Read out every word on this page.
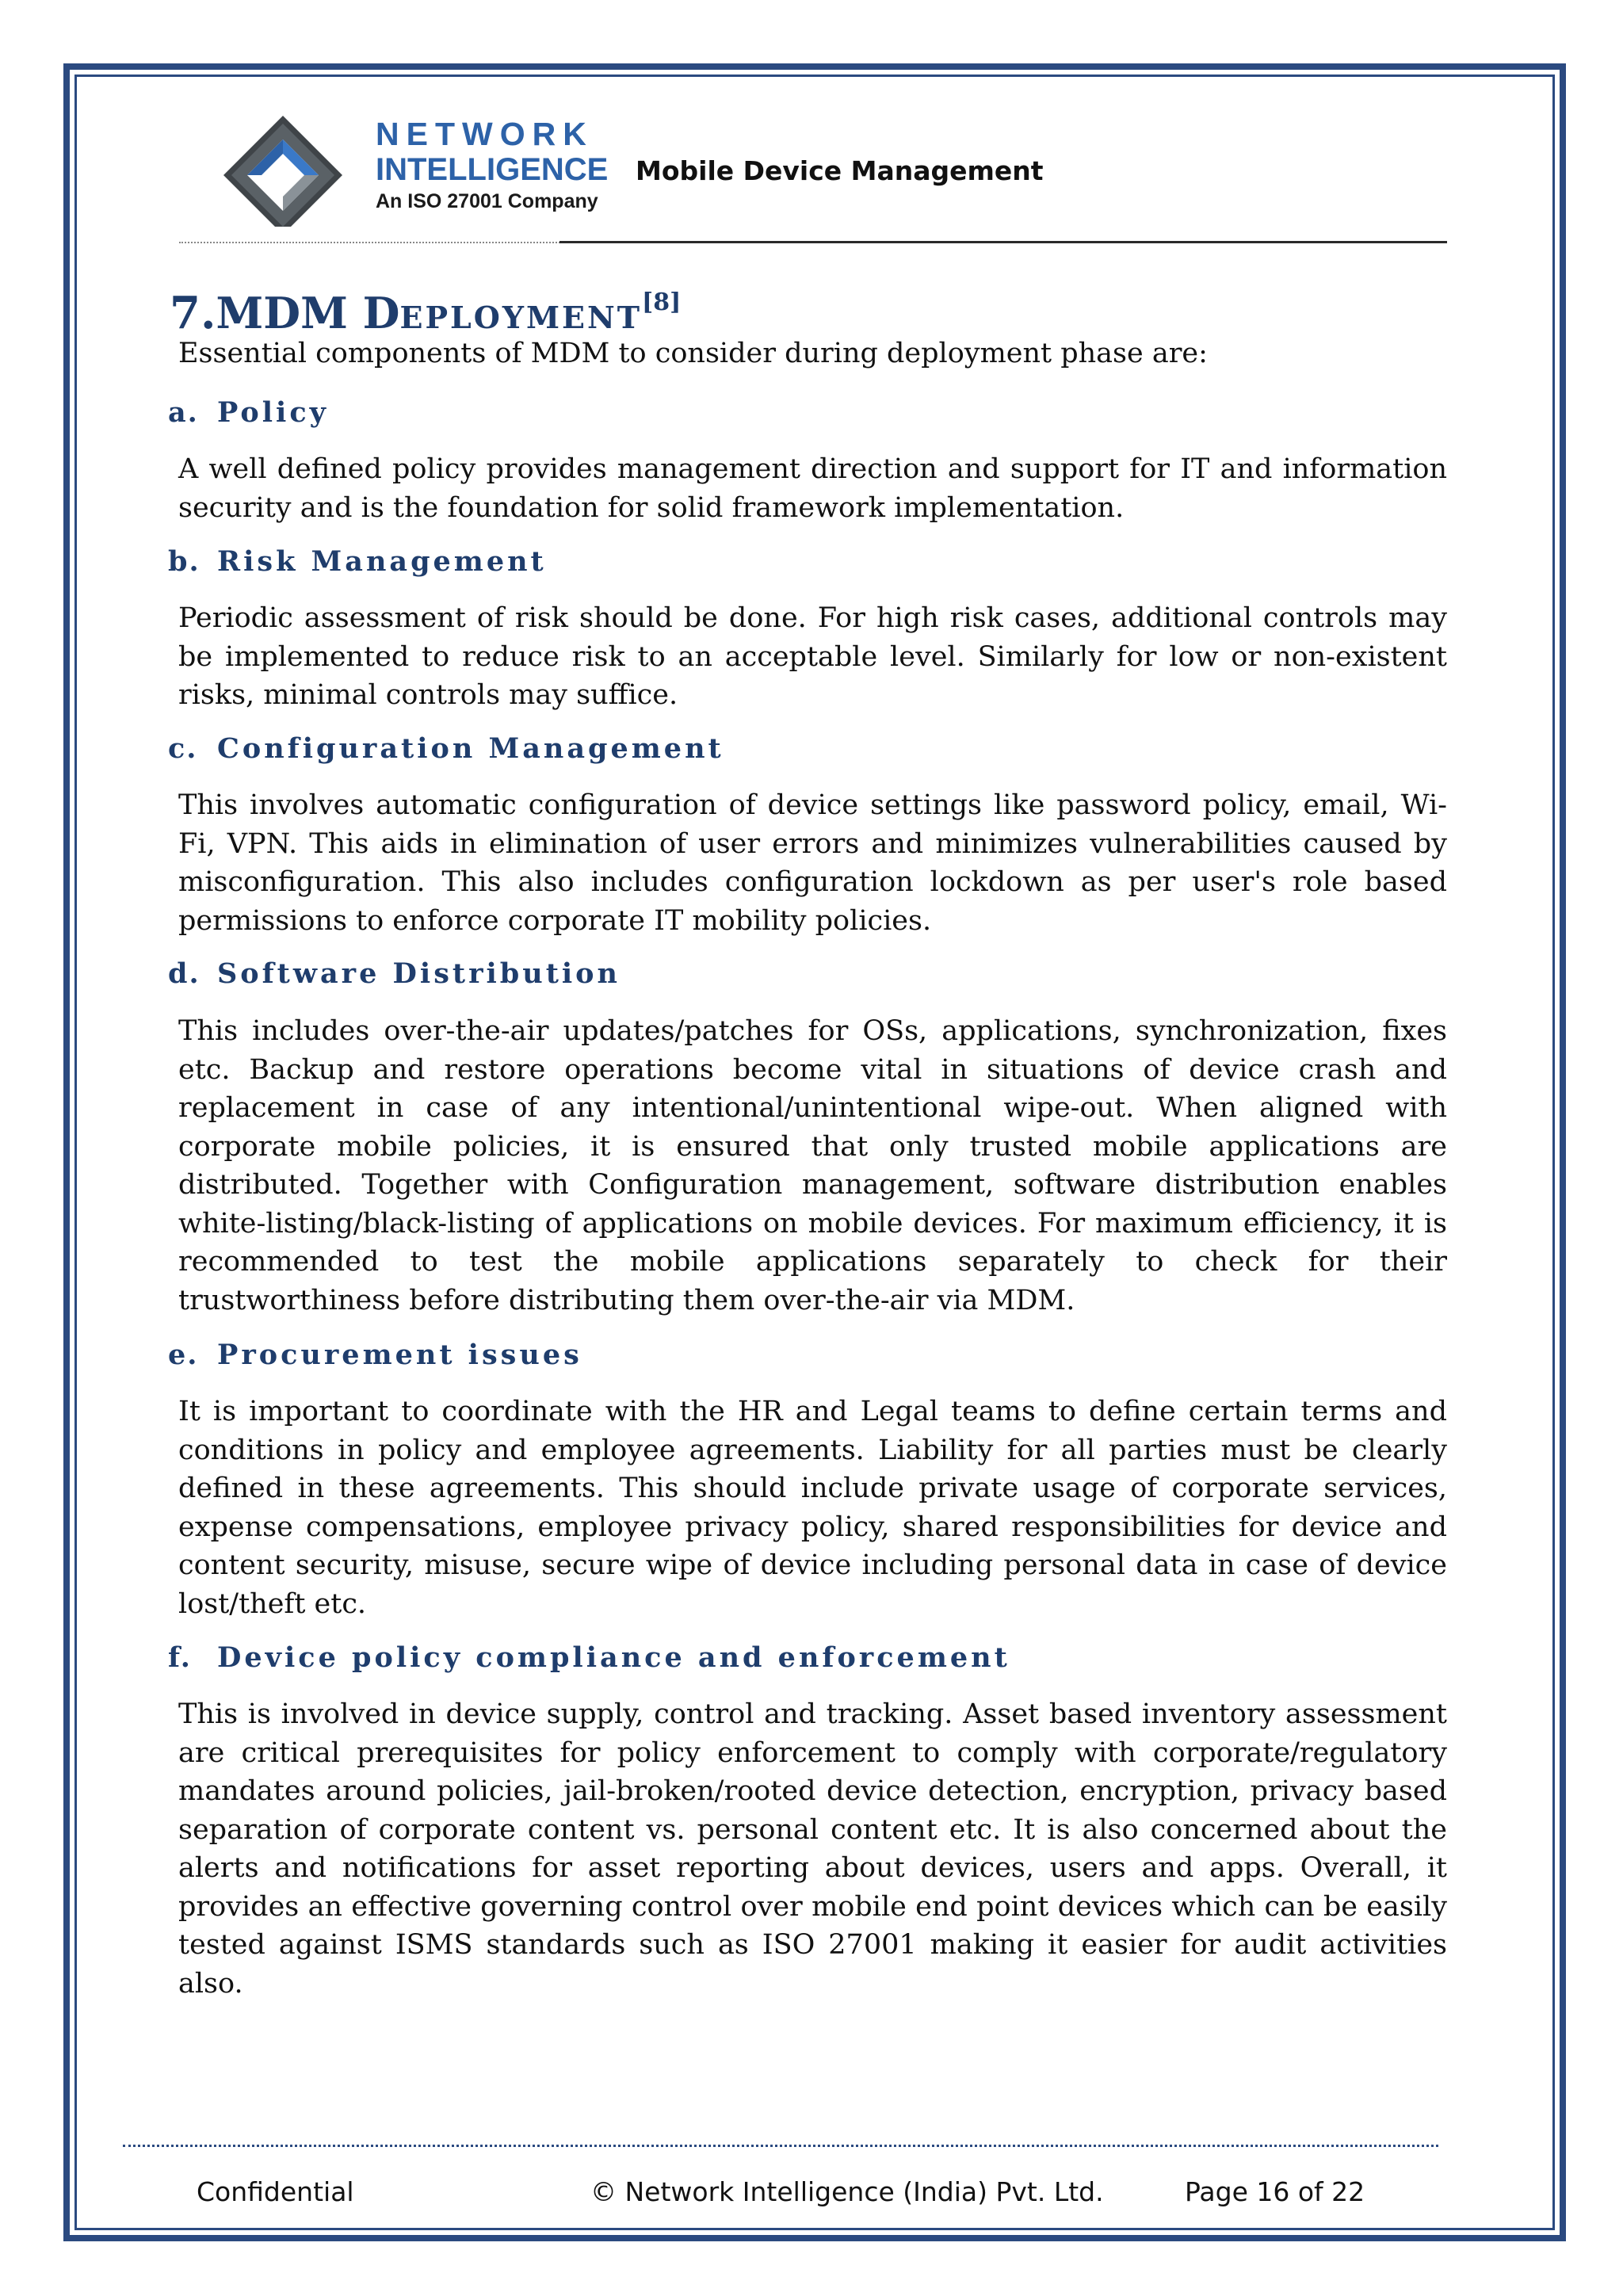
NETWORK
INTELLIGENCE
An ISO 27001 Company
Mobile Device Management
7.MDM DEPLOYMENT[8]
Essential components of MDM to consider during deployment phase are:
a. Policy
A well defined policy provides management direction and support for IT and information security and is the foundation for solid framework implementation.
b. Risk Management
Periodic assessment of risk should be done. For high risk cases, additional controls may be implemented to reduce risk to an acceptable level. Similarly for low or non-existent risks, minimal controls may suffice.
c. Configuration Management
This involves automatic configuration of device settings like password policy, email, Wi-Fi, VPN. This aids in elimination of user errors and minimizes vulnerabilities caused by misconfiguration. This also includes configuration lockdown as per user's role based permissions to enforce corporate IT mobility policies.
d. Software Distribution
This includes over-the-air updates/patches for OSs, applications, synchronization, fixes etc. Backup and restore operations become vital in situations of device crash and replacement in case of any intentional/unintentional wipe-out. When aligned with corporate mobile policies, it is ensured that only trusted mobile applications are distributed. Together with Configuration management, software distribution enables white-listing/black-listing of applications on mobile devices. For maximum efficiency, it is recommended to test the mobile applications separately to check for their trustworthiness before distributing them over-the-air via MDM.
e. Procurement issues
It is important to coordinate with the HR and Legal teams to define certain terms and conditions in policy and employee agreements. Liability for all parties must be clearly defined in these agreements. This should include private usage of corporate services, expense compensations, employee privacy policy, shared responsibilities for device and content security, misuse, secure wipe of device including personal data in case of device lost/theft etc.
f. Device policy compliance and enforcement
This is involved in device supply, control and tracking. Asset based inventory assessment are critical prerequisites for policy enforcement to comply with corporate/regulatory mandates around policies, jail-broken/rooted device detection, encryption, privacy based separation of corporate content vs. personal content etc. It is also concerned about the alerts and notifications for asset reporting about devices, users and apps. Overall, it provides an effective governing control over mobile end point devices which can be easily tested against ISMS standards such as ISO 27001 making it easier for audit activities also.
Confidential	© Network Intelligence (India) Pvt. Ltd.	Page 16 of 22
